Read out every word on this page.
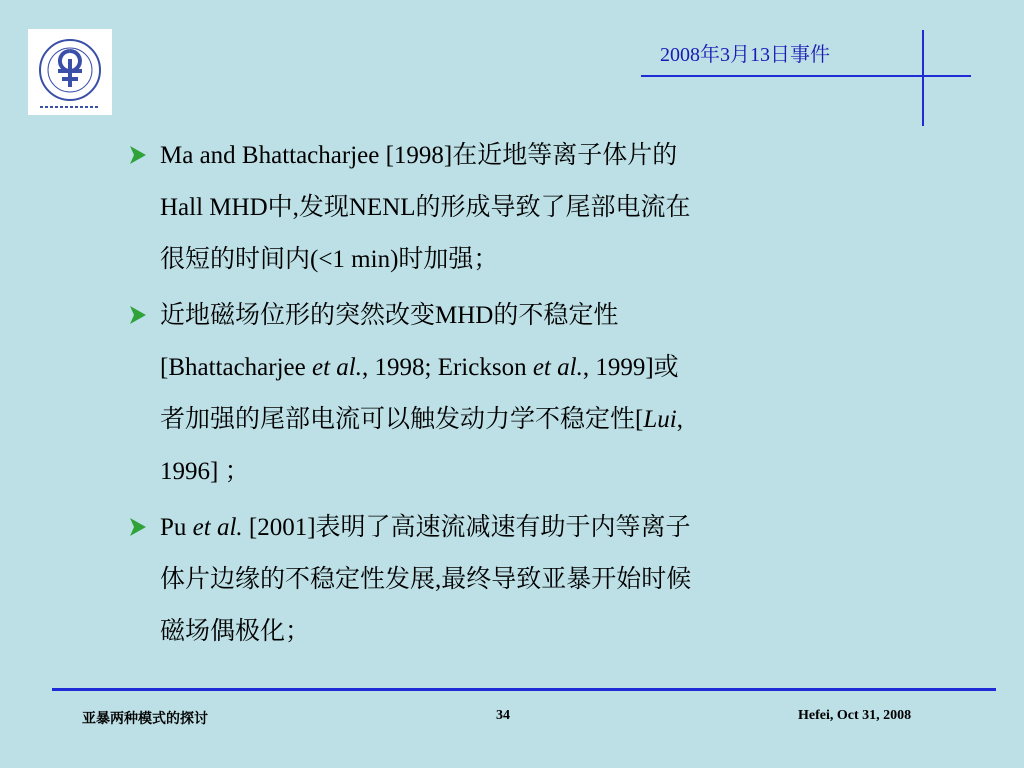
2008年3月13日事件
Ma and Bhattacharjee [1998]在近地等离子体片的
Hall MHD中,发现NENL的形成导致了尾部电流在
很短的时间内(<1 min)时加强；
近地磁场位形的突然改变MHD的不稳定性
[Bhattacharjee et al., 1998; Erickson et al., 1999]或
者加强的尾部电流可以触发动力学不稳定性[Lui,
1996] ；
Pu et al. [2001]表明了高速流减速有助于内等离子
体片边缘的不稳定性发展,最终导致亚暴开始时候
磁场偶极化；
亚暴两种模式的探讨	34	Hefei, Oct 31, 2008
